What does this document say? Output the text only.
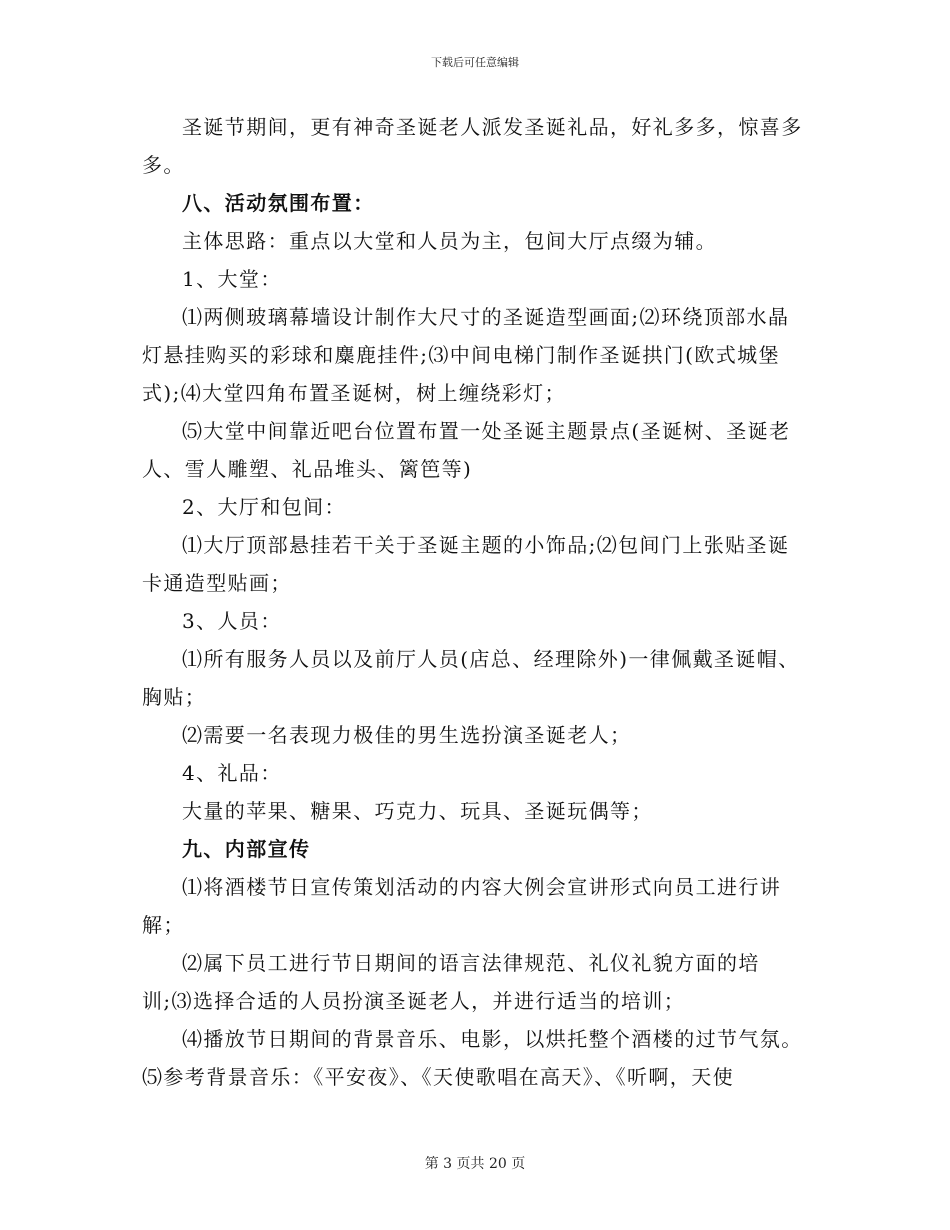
下载后可任意编辑

圣诞节期间，更有神奇圣诞老人派发圣诞礼品，好礼多多，惊喜多多。

八、活动氛围布置：

主体思路：重点以大堂和人员为主，包间大厅点缀为辅。

1、大堂：

⑴两侧玻璃幕墙设计制作大尺寸的圣诞造型画面;⑵环绕顶部水晶灯悬挂购买的彩球和麋鹿挂件;⑶中间电梯门制作圣诞拱门(欧式城堡式);⑷大堂四角布置圣诞树，树上缠绕彩灯；

⑸大堂中间靠近吧台位置布置一处圣诞主题景点(圣诞树、圣诞老人、雪人雕塑、礼品堆头、篱笆等)

2、大厅和包间：

⑴大厅顶部悬挂若干关于圣诞主题的小饰品;⑵包间门上张贴圣诞卡通造型贴画；

3、人员：

⑴所有服务人员以及前厅人员(店总、经理除外)一律佩戴圣诞帽、胸贴；

⑵需要一名表现力极佳的男生选扮演圣诞老人；

4、礼品：

大量的苹果、糖果、巧克力、玩具、圣诞玩偶等；

九、内部宣传

⑴将酒楼节日宣传策划活动的内容大例会宣讲形式向员工进行讲解；

⑵属下员工进行节日期间的语言法律规范、礼仪礼貌方面的培训;⑶选择合适的人员扮演圣诞老人，并进行适当的培训；

⑷播放节日期间的背景音乐、电影，以烘托整个酒楼的过节气氛。⑸参考背景音乐：《平安夜》、《天使歌唱在高天》、《听啊，天使

第 3 页共 20 页
